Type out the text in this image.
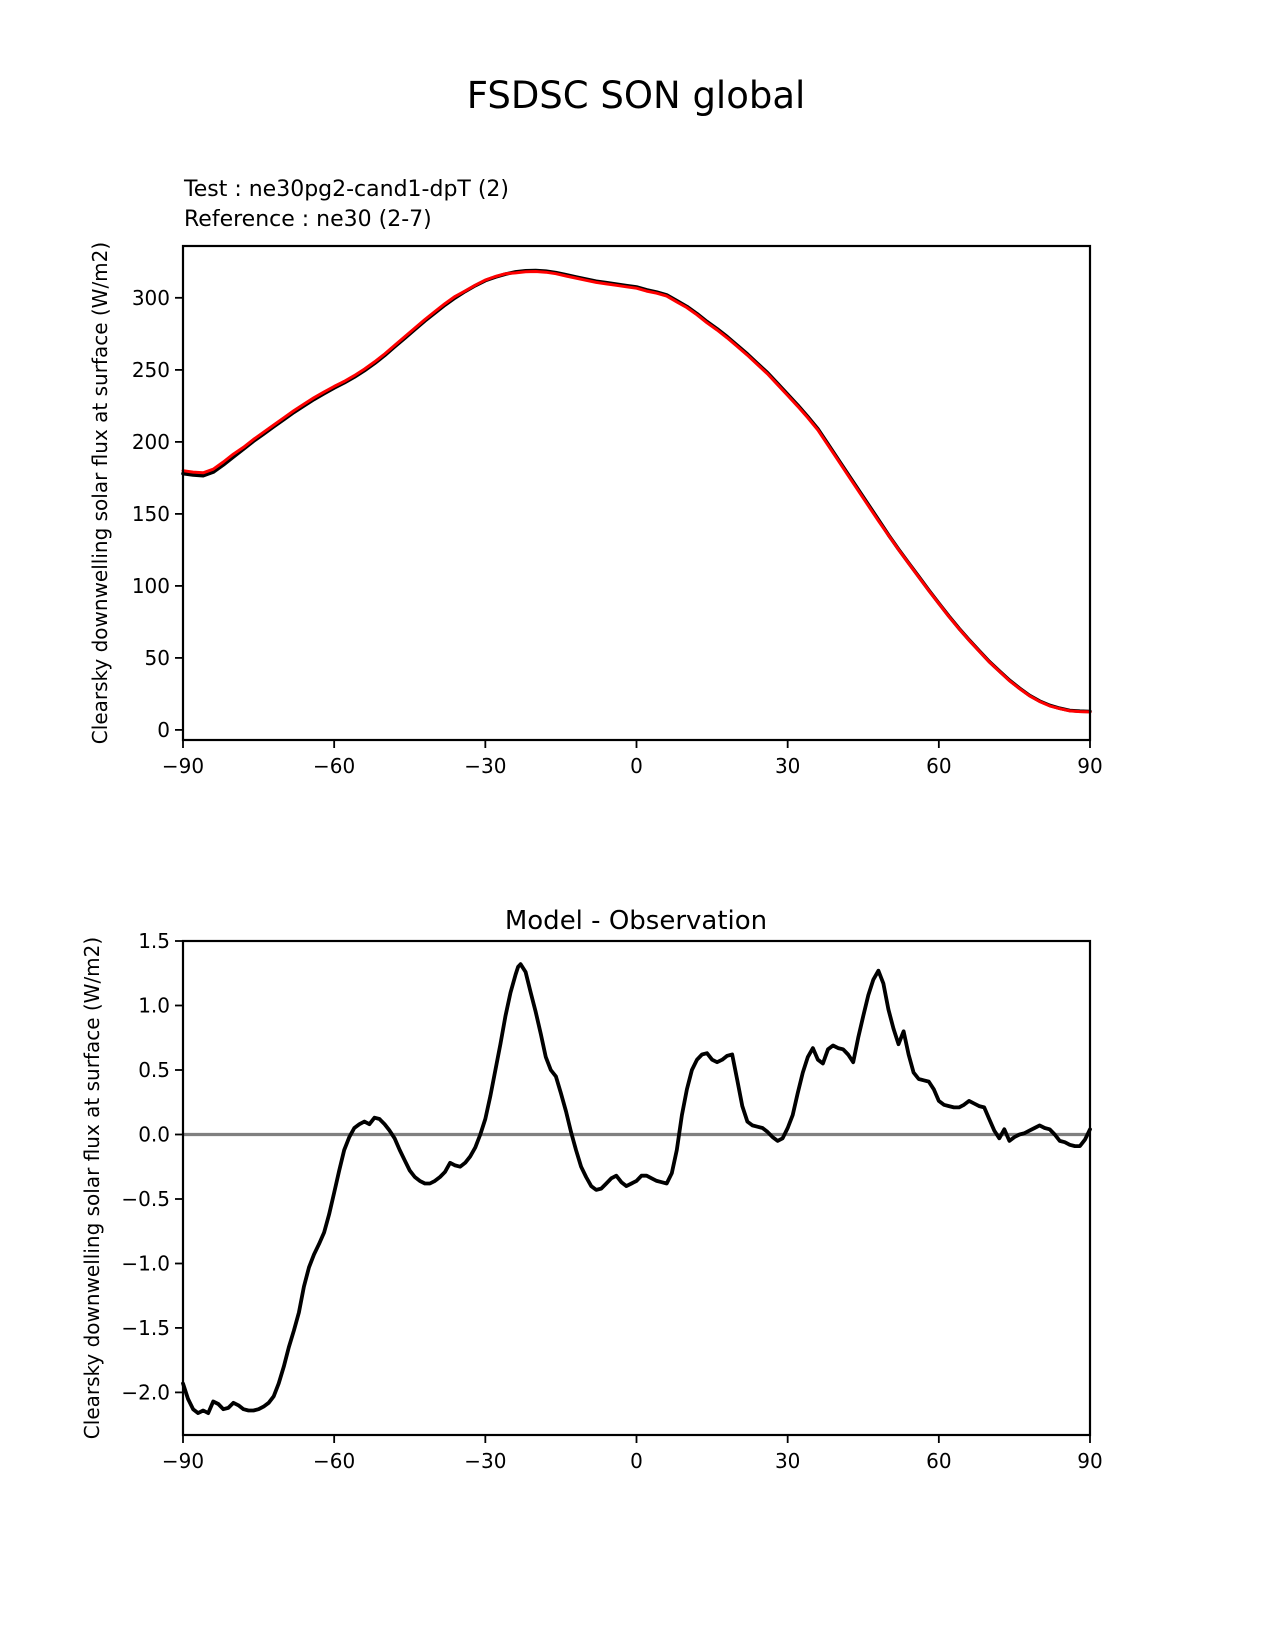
FSDSC SON global
Test : ne30pg2-cand1-dpT (2)
Reference : ne30 (2-7)
Clearsky downwelling solar flux at surface (W/m2)
Model - Observation
Clearsky downwelling solar flux at surface (W/m2)
−90	−60	−30	0	30	60	90
0
50
100
150
200
250
300
−90	−60	−30	0	30	60	90
1.5
1.0
0.5
0.0
−0.5
−1.0
−1.5
−2.0
